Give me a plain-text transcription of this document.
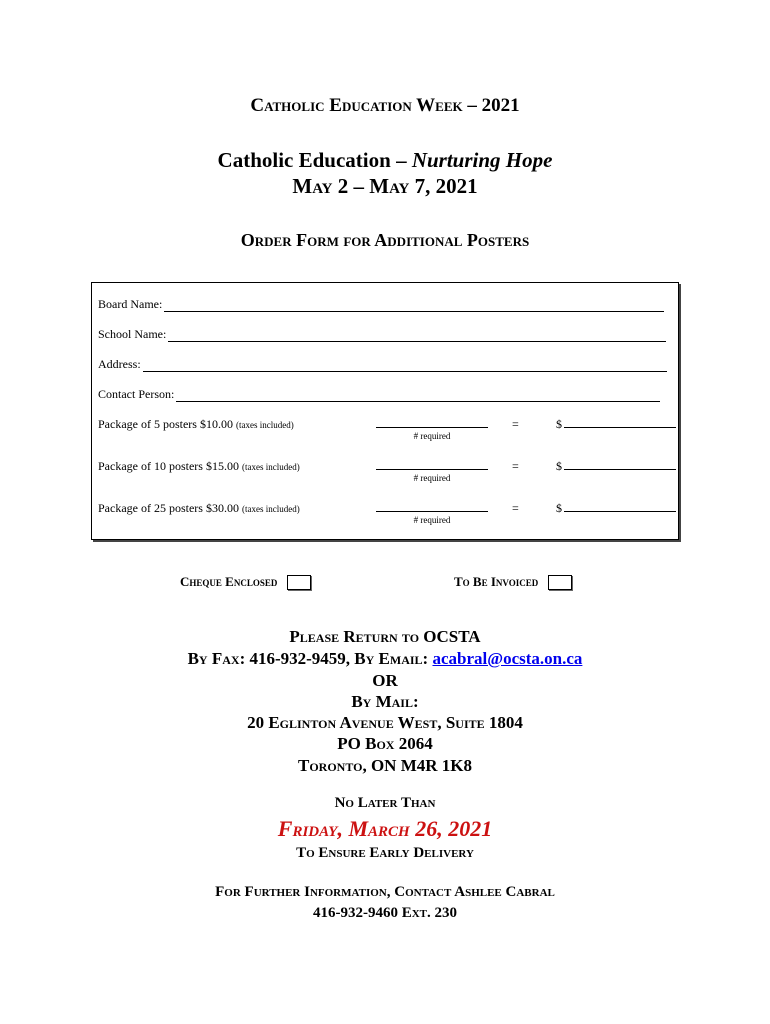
Catholic Education Week – 2021
Catholic Education – Nurturing Hope
May 2 – May 7, 2021
Order Form for Additional Posters
Board Name:
School Name:
Address:
Contact Person:
Package of 5 posters $10.00 (taxes included)
# required
=	$
Package of 10 posters $15.00 (taxes included)
# required
=	$
Package of 25 posters $30.00 (taxes included)
# required
=	$
Cheque Enclosed	To Be Invoiced
Please Return to OCSTA
By Fax: 416-932-9459, By Email: acabral@ocsta.on.ca
OR
By Mail:
20 Eglinton Avenue West, Suite 1804
PO Box 2064
Toronto, ON M4R 1K8
No Later Than
Friday, March 26, 2021
To Ensure Early Delivery
For Further Information, Contact Ashlee Cabral
416-932-9460 Ext. 230
